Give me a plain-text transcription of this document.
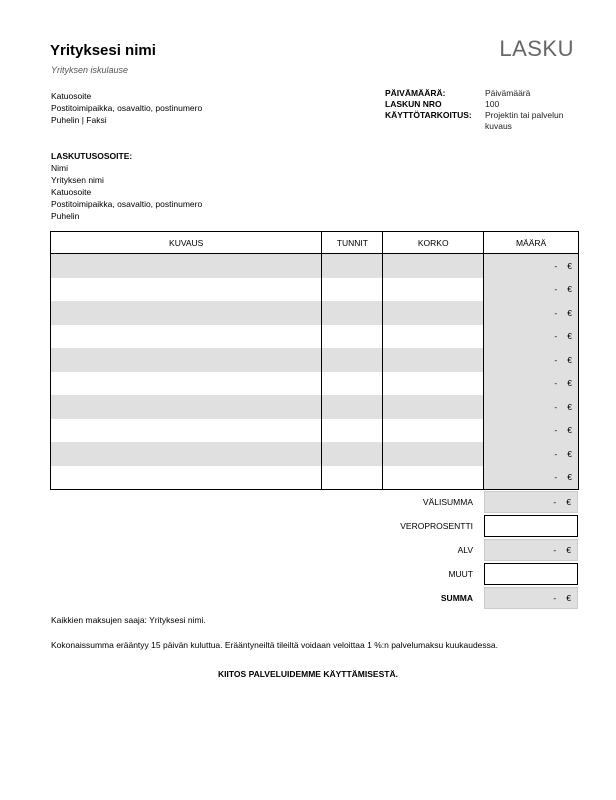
Yrityksesi nimi
Yrityksen iskulause
LASKU
Katuosoite
Postitoimipaikka, osavaltio, postinumero
Puhelin | Faksi
PÄIVÄMÄÄRÄ:	Päivämäärä
LASKUN NRO	100
KÄYTTÖTARKOITUS:	Projektin tai palvelun kuvaus
LASKUTUSOSOITE:
Nimi
Yrityksen nimi
Katuosoite
Postitoimipaikka, osavaltio, postinumero
Puhelin
KUVAUS	TUNNIT	KORKO	MÄÄRÄ

			- €

			- €

			- €

			- €

			- €

			- €

			- €

			- €

			- €

			- €
VÄLISUMMA	- €
VEROPROSENTTI
ALV	- €
MUUT
SUMMA	- €
Kaikkien maksujen saaja: Yrityksesi nimi.
Kokonaissumma erääntyy 15 päivän kuluttua. Erääntyneiltä tileiltä voidaan veloittaa 1 %:n palvelumaksu kuukaudessa.
KIITOS PALVELUIDEMME KÄYTTÄMISESTÄ.
